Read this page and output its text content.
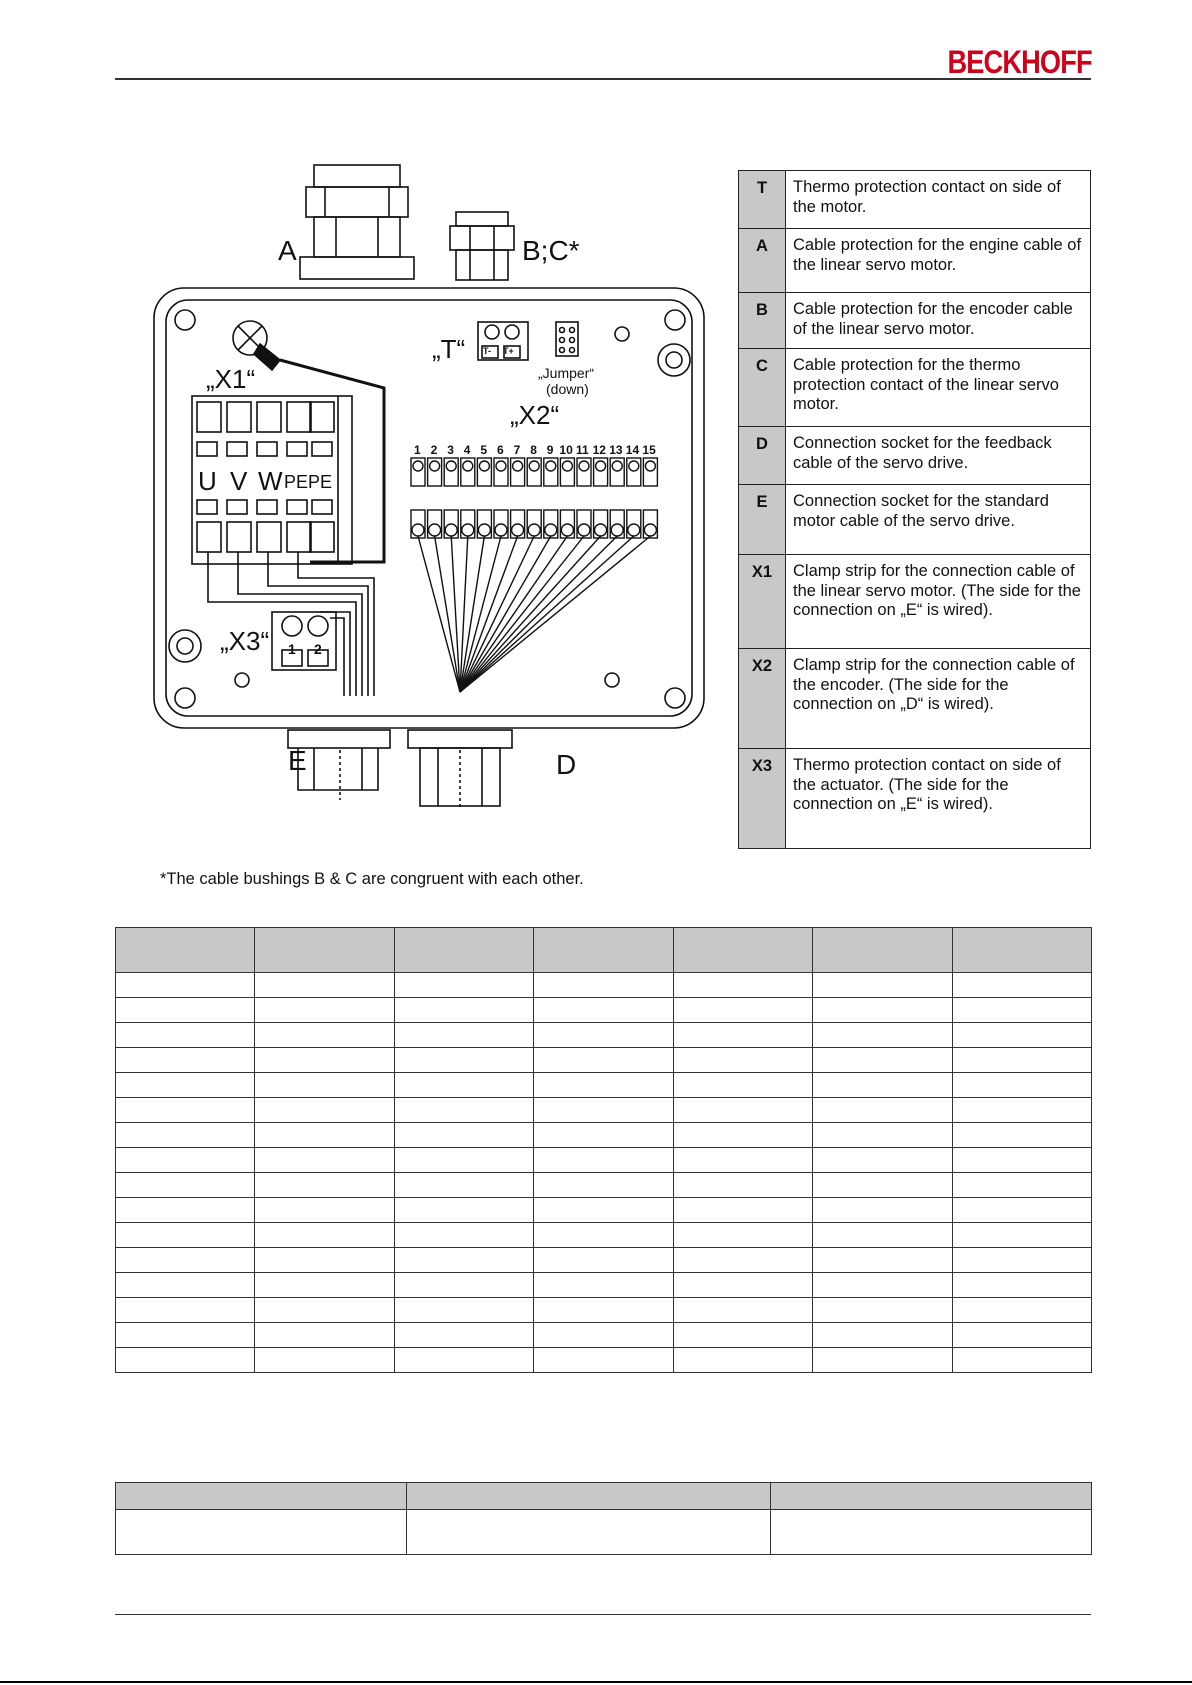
BECKHOFF
A	B;C*
„T“ T- T+
„Jumper“
(down)
„X1“
„X2“
„X3“
U V W PE PE
1 2
E	D
1 2 3 4 5 6 7 8 9 10 11 12 13 14 15
T	Thermo protection contact on side of the motor.
A	Cable protection for the engine cable of the linear servo motor.
B	Cable protection for the encoder cable of the linear servo motor.
C	Cable protection for the thermo protection contact of the linear servo motor.
D	Connection socket for the feedback cable of the servo drive.
E	Connection socket for the standard motor cable of the servo drive.
X1	Clamp strip for the connection cable of the linear servo motor. (The side for the connection on „E“ is wired).
X2	Clamp strip for the connection cable of the encoder. (The side for the connection on „D“ is wired).
X3	Thermo protection contact on side of the actuator. (The side for the connection on „E“ is wired).
*The cable bushings B & C are congruent with each other.
